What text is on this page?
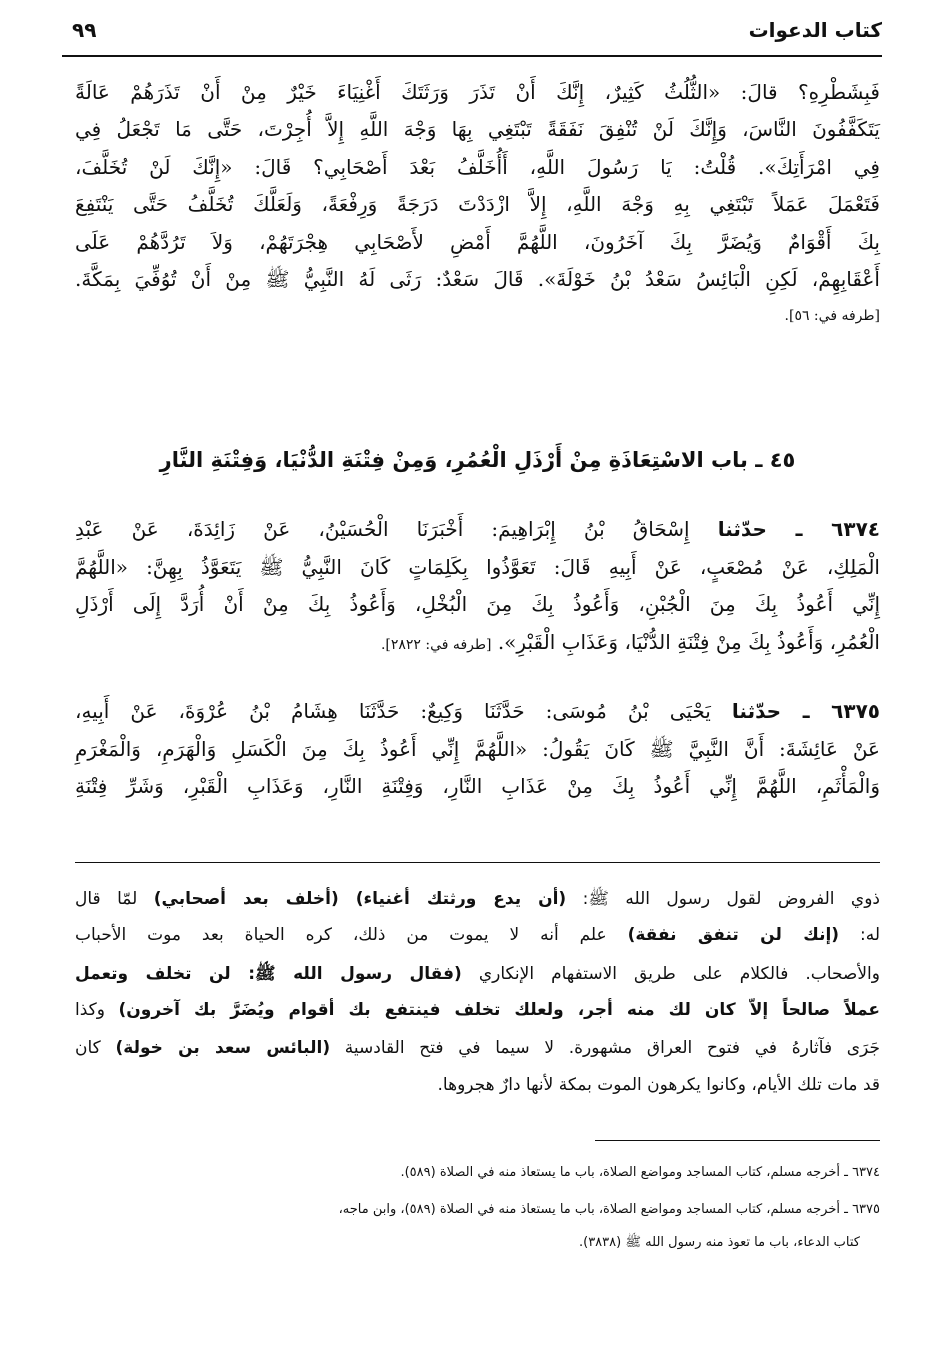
كتاب الدعوات
٩٩
فَبِشَطْرِهِ؟ قالَ: «الثُّلُثُ كَثِيرٌ، إِنَّكَ أَنْ تَذَرَ وَرَثَتَكَ أَغْنِيَاءَ خَيْرٌ مِنْ أَنْ تَذَرَهُمْ عَالَةً
يَتَكَفَّفُونَ النَّاسَ، وَإِنَّكَ لَنْ تُنْفِقَ نَفَقَةً تَبْتَغِي بِهَا وَجْهَ اللَّهِ إِلاَّ أُجِرْتَ، حَتَّى مَا تَجْعَلُ فِي
فِي امْرَأَتِكَ». قُلْتُ: يَا رَسُولَ اللَّهِ، أَأُخَلَّفُ بَعْدَ أَصْحَابِي؟ قَالَ: «إِنَّكَ لَنْ تُخَلَّفَ،
فَتَعْمَلَ عَمَلاً تَبْتَغِي بِهِ وَجْهَ اللَّهِ، إِلاَّ ازْدَدْتَ دَرَجَةً وَرِفْعَةً، وَلَعَلَّكَ تُخَلَّفُ حَتَّى يَنْتَفِعَ
بِكَ أَقْوَامٌ وَيُضَرَّ بِكَ آخَرُونَ، اللَّهُمَّ أَمْضِ لأَصْحَابِي هِجْرَتَهُمْ، وَلاَ تَرُدَّهُمْ عَلَى
أَعْقَابِهِمْ، لَكِنِ الْبَائِسُ سَعْدُ بْنُ خَوْلَةَ». قَالَ سَعْدٌ: رَثَى لَهُ النَّبِيُّ ﷺ مِنْ أَنْ تُوُفِّيَ بِمَكَّةَ.
[طرفه في: ٥٦].
٤٥ ـ باب الاسْتِعَاذَةِ مِنْ أَرْذَلِ الْعُمُرِ، وَمِنْ فِتْنَةِ الدُّنْيَا، وَفِتْنَةِ النَّارِ
٦٣٧٤ ـ حدّثنا إِسْحَاقُ بْنُ إِبْرَاهِيمَ: أَخْبَرَنَا الْحُسَيْنُ، عَنْ زَائِدَةَ، عَنْ عَبْدِ
الْمَلِكِ، عَنْ مُصْعَبٍ، عَنْ أَبِيهِ قَالَ: تَعَوَّذُوا بِكَلِمَاتٍ كَانَ النَّبِيُّ ﷺ يَتَعَوَّذُ بِهِنَّ: «اللَّهُمَّ
إِنِّي أَعُوذُ بِكَ مِنَ الْجُبْنِ، وَأَعُوذُ بِكَ مِنَ الْبُخْلِ، وَأَعُوذُ بِكَ مِنْ أَنْ أُرَدَّ إِلَى أَرْذَلِ
الْعُمُرِ، وَأَعُوذُ بِكَ مِنْ فِتْنَةِ الدُّنْيَا، وَعَذَابِ الْقَبْرِ». [طرفه في: ٢٨٢٢].
٦٣٧٥ ـ حدّثنا يَحْيَى بْنُ مُوسَى: حَدَّثَنَا وَكِيعٌ: حَدَّثَنَا هِشَامُ بْنُ عُرْوَةَ، عَنْ أَبِيهِ،
عَنْ عَائِشَةَ: أَنَّ النَّبِيَّ ﷺ كَانَ يَقُولُ: «اللَّهُمَّ إِنِّي أَعُوذُ بِكَ مِنَ الْكَسَلِ وَالْهَرَمِ، وَالْمَغْرَمِ
وَالْمَأْثَمِ، اللَّهُمَّ إِنِّي أَعُوذُ بِكَ مِنْ عَذَابِ النَّارِ، وَفِتْنَةِ النَّارِ، وَعَذَابِ الْقَبْرِ، وَشَرِّ فِتْنَةِ
ذوي الفروض لقول رسول الله ﷺ: (أن يدع ورثتك أغنياء) (أخلف بعد أصحابي) لمّا قال
له: (إنك لن تنفق نفقة) علم أنه لا يموت من ذلك، كره الحياة بعد موت الأحباب
والأصحاب. فالكلام على طريق الاستفهام الإنكاري (فقال رسول الله ﷺ: لن تخلف وتعمل
عملاً صالحاً إلاّ كان لك منه أجر، ولعلك تخلف فينتفع بك أقوام ويُضَرَّ بك آخرون) وكذا
جَرَى فآثارهُ في فتوح العراق مشهورة. لا سيما في فتح القادسية (البائس سعد بن خولة) كان
قد مات تلك الأيام، وكانوا يكرهون الموت بمكة لأنها دارٌ هجروها.
٦٣٧٤ ـ أخرجه مسلم، كتاب المساجد ومواضع الصلاة، باب ما يستعاذ منه في الصلاة (٥٨٩).
٦٣٧٥ ـ أخرجه مسلم، كتاب المساجد ومواضع الصلاة، باب ما يستعاذ منه في الصلاة (٥٨٩)، وابن ماجه،
كتاب الدعاء، باب ما تعوذ منه رسول الله ﷺ (٣٨٣٨).
